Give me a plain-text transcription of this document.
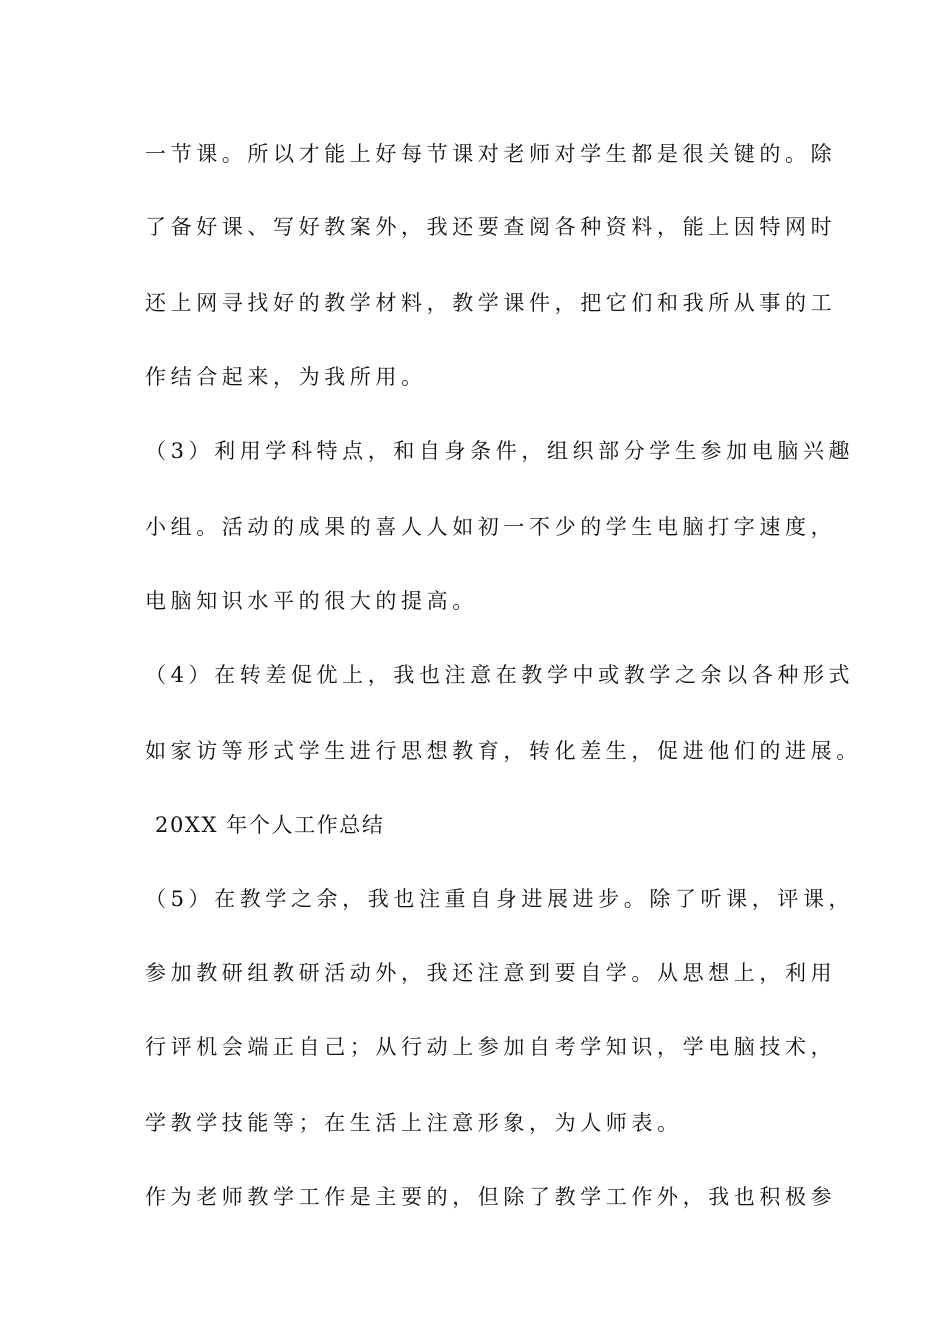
一节课。所以才能上好每节课对老师对学生都是很关键的。除
了备好课、写好教案外，我还要查阅各种资料，能上因特网时
还上网寻找好的教学材料，教学课件，把它们和我所从事的工
作结合起来，为我所用。
（3）利用学科特点，和自身条件，组织部分学生参加电脑兴趣
小组。活动的成果的喜人人如初一不少的学生电脑打字速度，
电脑知识水平的很大的提高。
（4）在转差促优上，我也注意在教学中或教学之余以各种形式
如家访等形式学生进行思想教育，转化差生，促进他们的进展。
20XX 年个人工作总结
（5）在教学之余，我也注重自身进展进步。除了听课，评课，
参加教研组教研活动外，我还注意到要自学。从思想上，利用
行评机会端正自己；从行动上参加自考学知识，学电脑技术，
学教学技能等；在生活上注意形象，为人师表。
作为老师教学工作是主要的，但除了教学工作外，我也积极参
